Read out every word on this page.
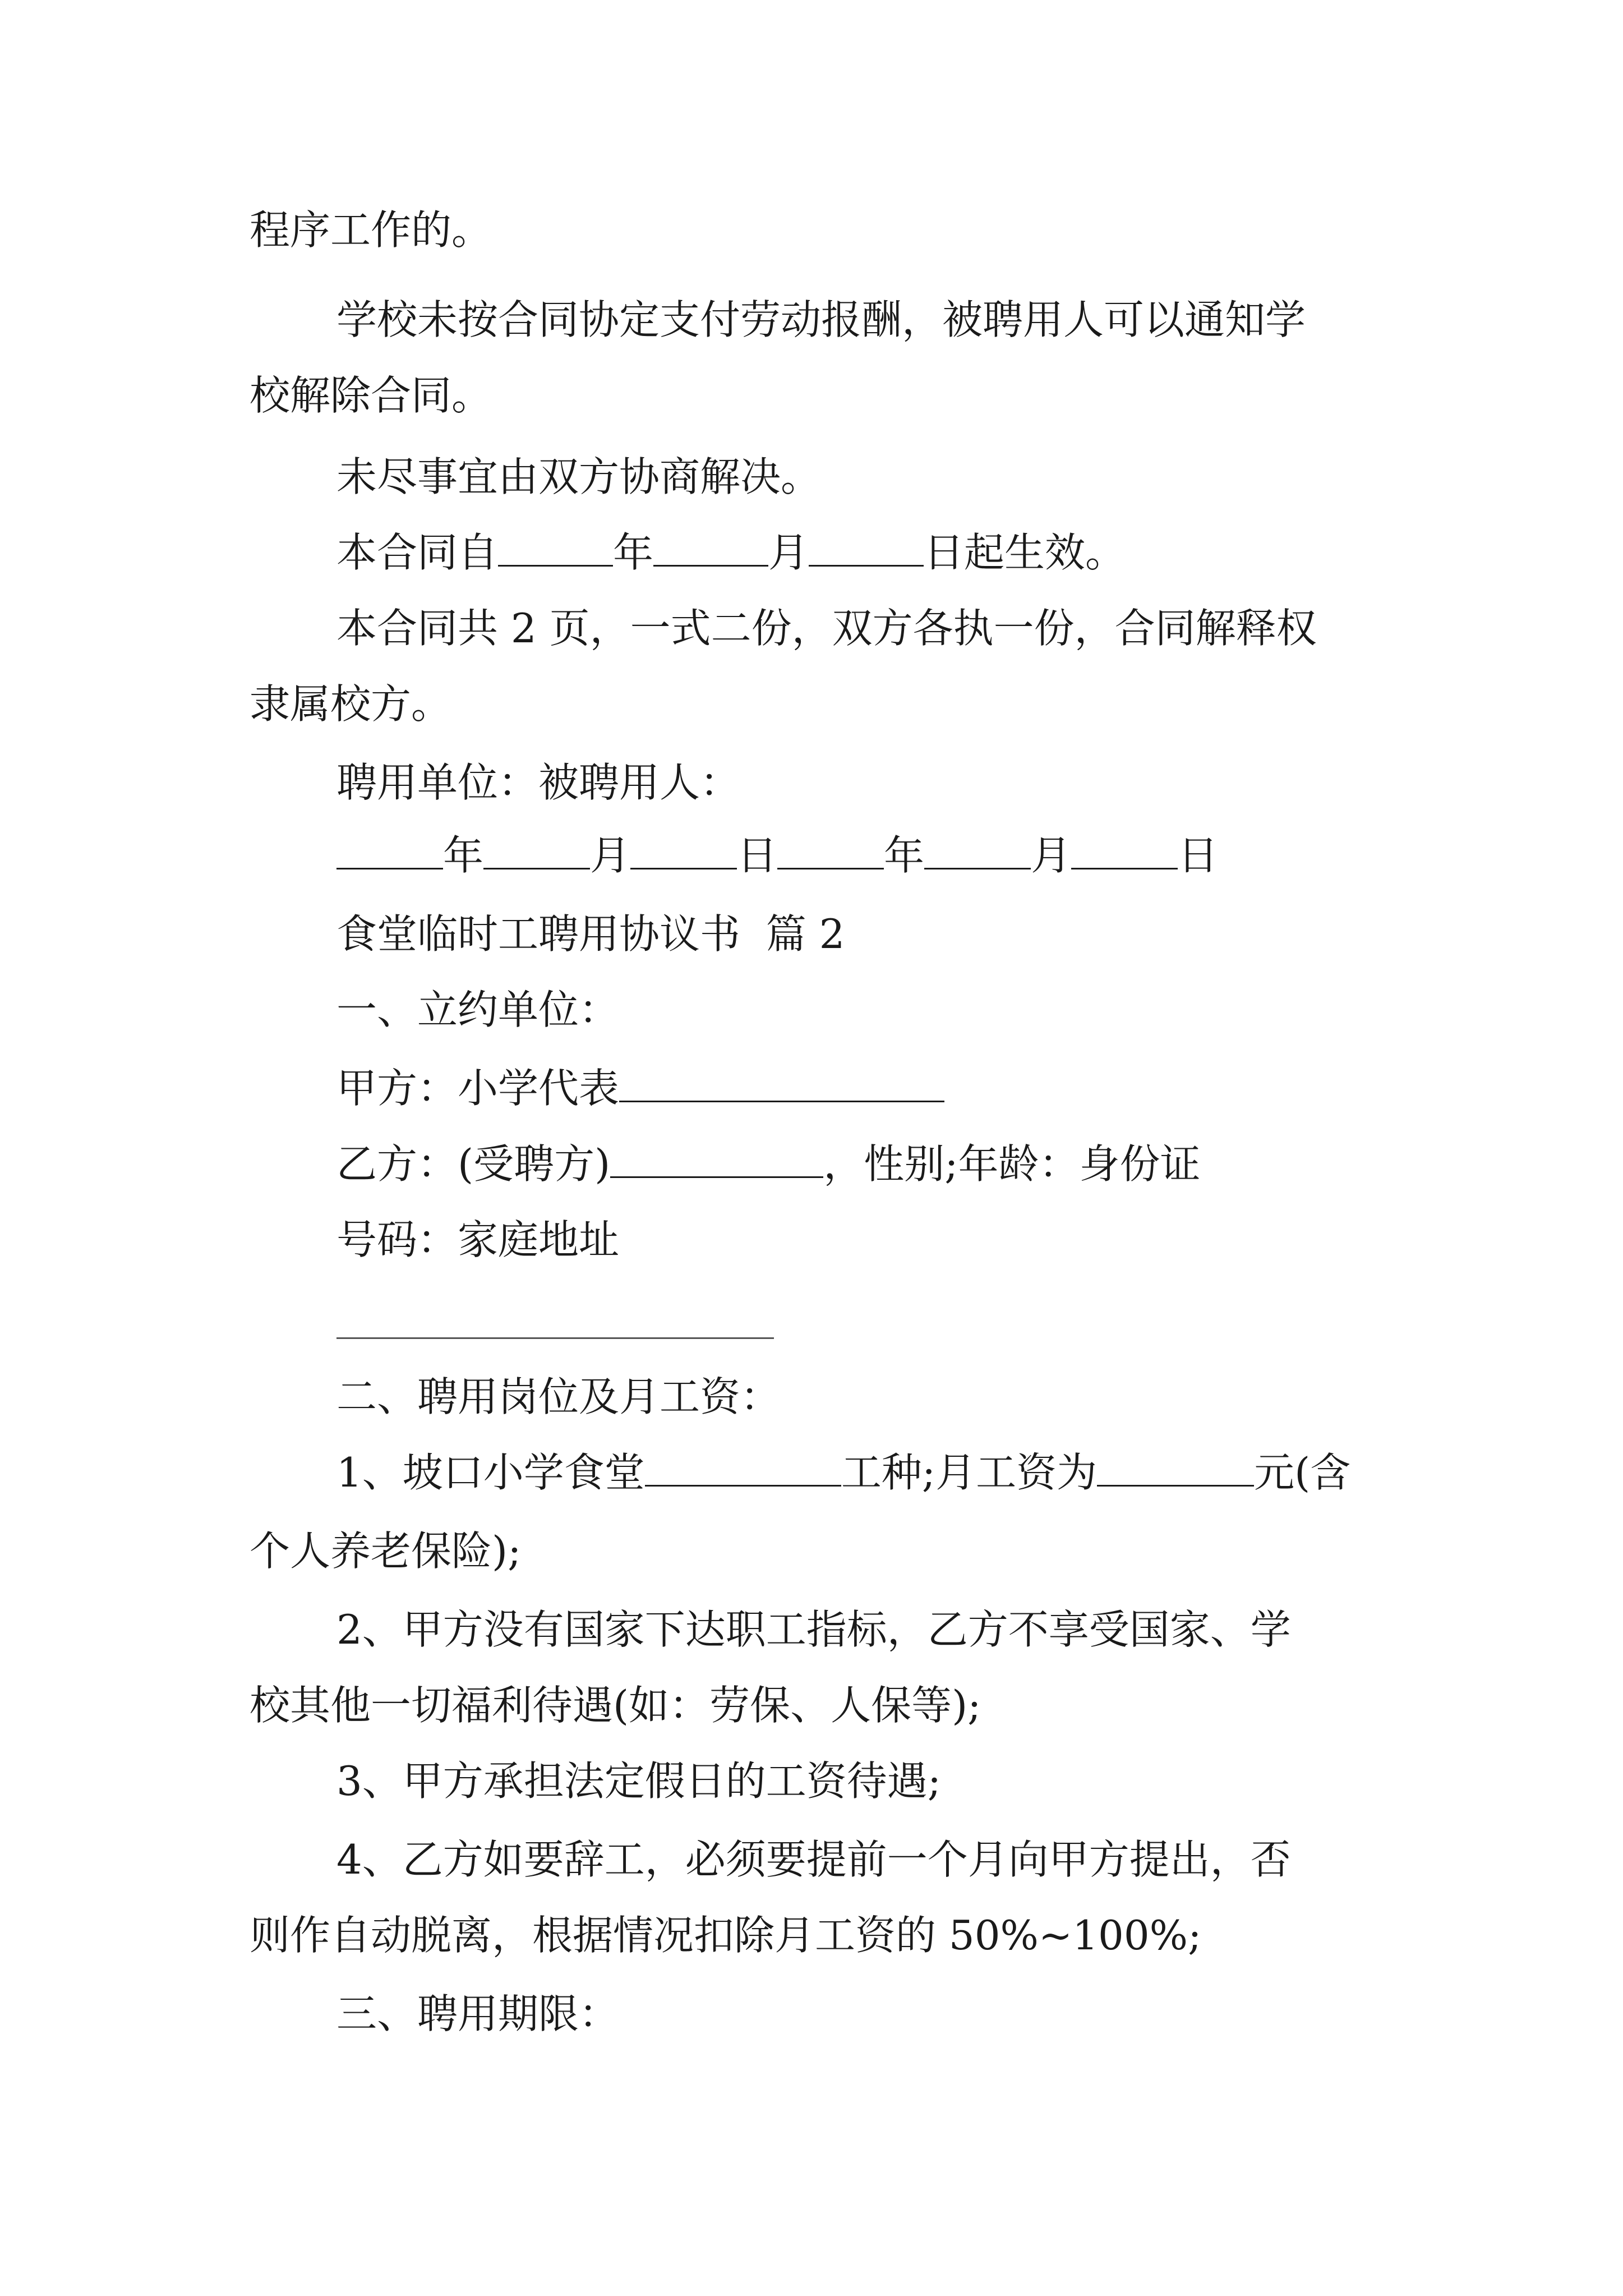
程序工作的。

学校未按合同协定支付劳动报酬，被聘用人可以通知学

校解除合同。

未尽事宜由双方协商解决。

本合同自	年	月	日起生效。

本合同共 2 页，一式二份，双方各执一份，合同解释权

隶属校方。

聘用单位：被聘用人：

年	月	日	年	月	日

食堂临时工聘用协议书  篇 2

一、立约单位：

甲方：小学代表

乙方：(受聘方)	，性别;年龄：身份证

号码：家庭地址

二、聘用岗位及月工资：

1、坡口小学食堂	工种;月工资为	元(含

个人养老保险);

2、甲方没有国家下达职工指标，乙方不享受国家、学

校其他一切福利待遇(如：劳保、人保等);

3、甲方承担法定假日的工资待遇;

4、乙方如要辞工，必须要提前一个月向甲方提出，否

则作自动脱离，根据情况扣除月工资的 50%~100%;

三、聘用期限：
